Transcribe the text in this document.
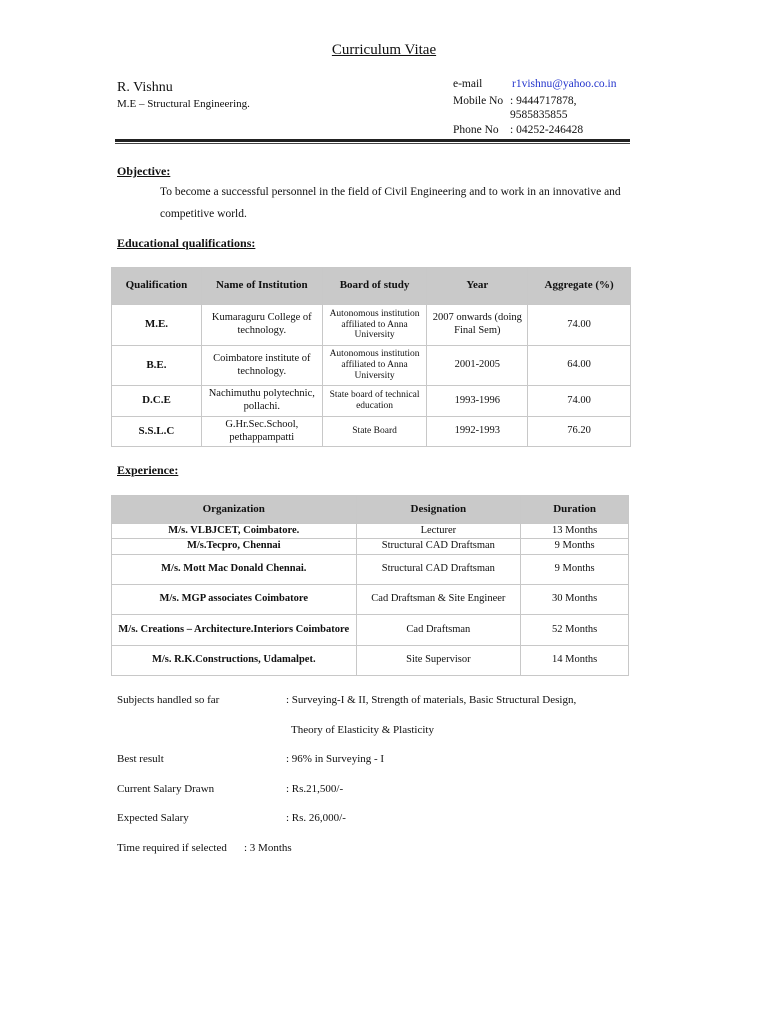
Curriculum Vitae
R. Vishnu
M.E – Structural Engineering.
e-mail	r1vishnu@yahoo.co.in
Mobile No : 9444717878,
9585835855
Phone No : 04252-246428
Objective:
To become a successful personnel in the field of Civil Engineering and to work in an innovative and
competitive world.
Educational qualifications:
Qualification	Name of Institution	Board of study	Year	Aggregate (%)
M.E.	Kumaraguru College of technology.	Autonomous institution affiliated to Anna University	2007 onwards (doing Final Sem)	74.00
B.E.	Coimbatore institute of technology.	Autonomous institution affiliated to Anna University	2001-2005	64.00
D.C.E	Nachimuthu polytechnic, pollachi.	State board of technical education	1993-1996	74.00
S.S.L.C	G.Hr.Sec.School, pethappampatti	State Board	1992-1993	76.20
Experience:
Organization	Designation	Duration
M/s. VLBJCET, Coimbatore.	Lecturer	13 Months
M/s.Tecpro, Chennai	Structural CAD Draftsman	9 Months
M/s. Mott Mac Donald Chennai.	Structural CAD Draftsman	9 Months
M/s. MGP associates Coimbatore	Cad Draftsman & Site Engineer	30 Months
M/s. Creations – Architecture.Interiors Coimbatore	Cad Draftsman	52 Months
M/s. R.K.Constructions, Udamalpet.	Site Supervisor	14 Months
Subjects handled so far	: Surveying-I & II, Strength of materials, Basic Structural Design,
Theory of Elasticity & Plasticity
Best result	: 96% in Surveying - I
Current Salary Drawn	: Rs.21,500/-
Expected Salary	: Rs. 26,000/-
Time required if selected : 3 Months
